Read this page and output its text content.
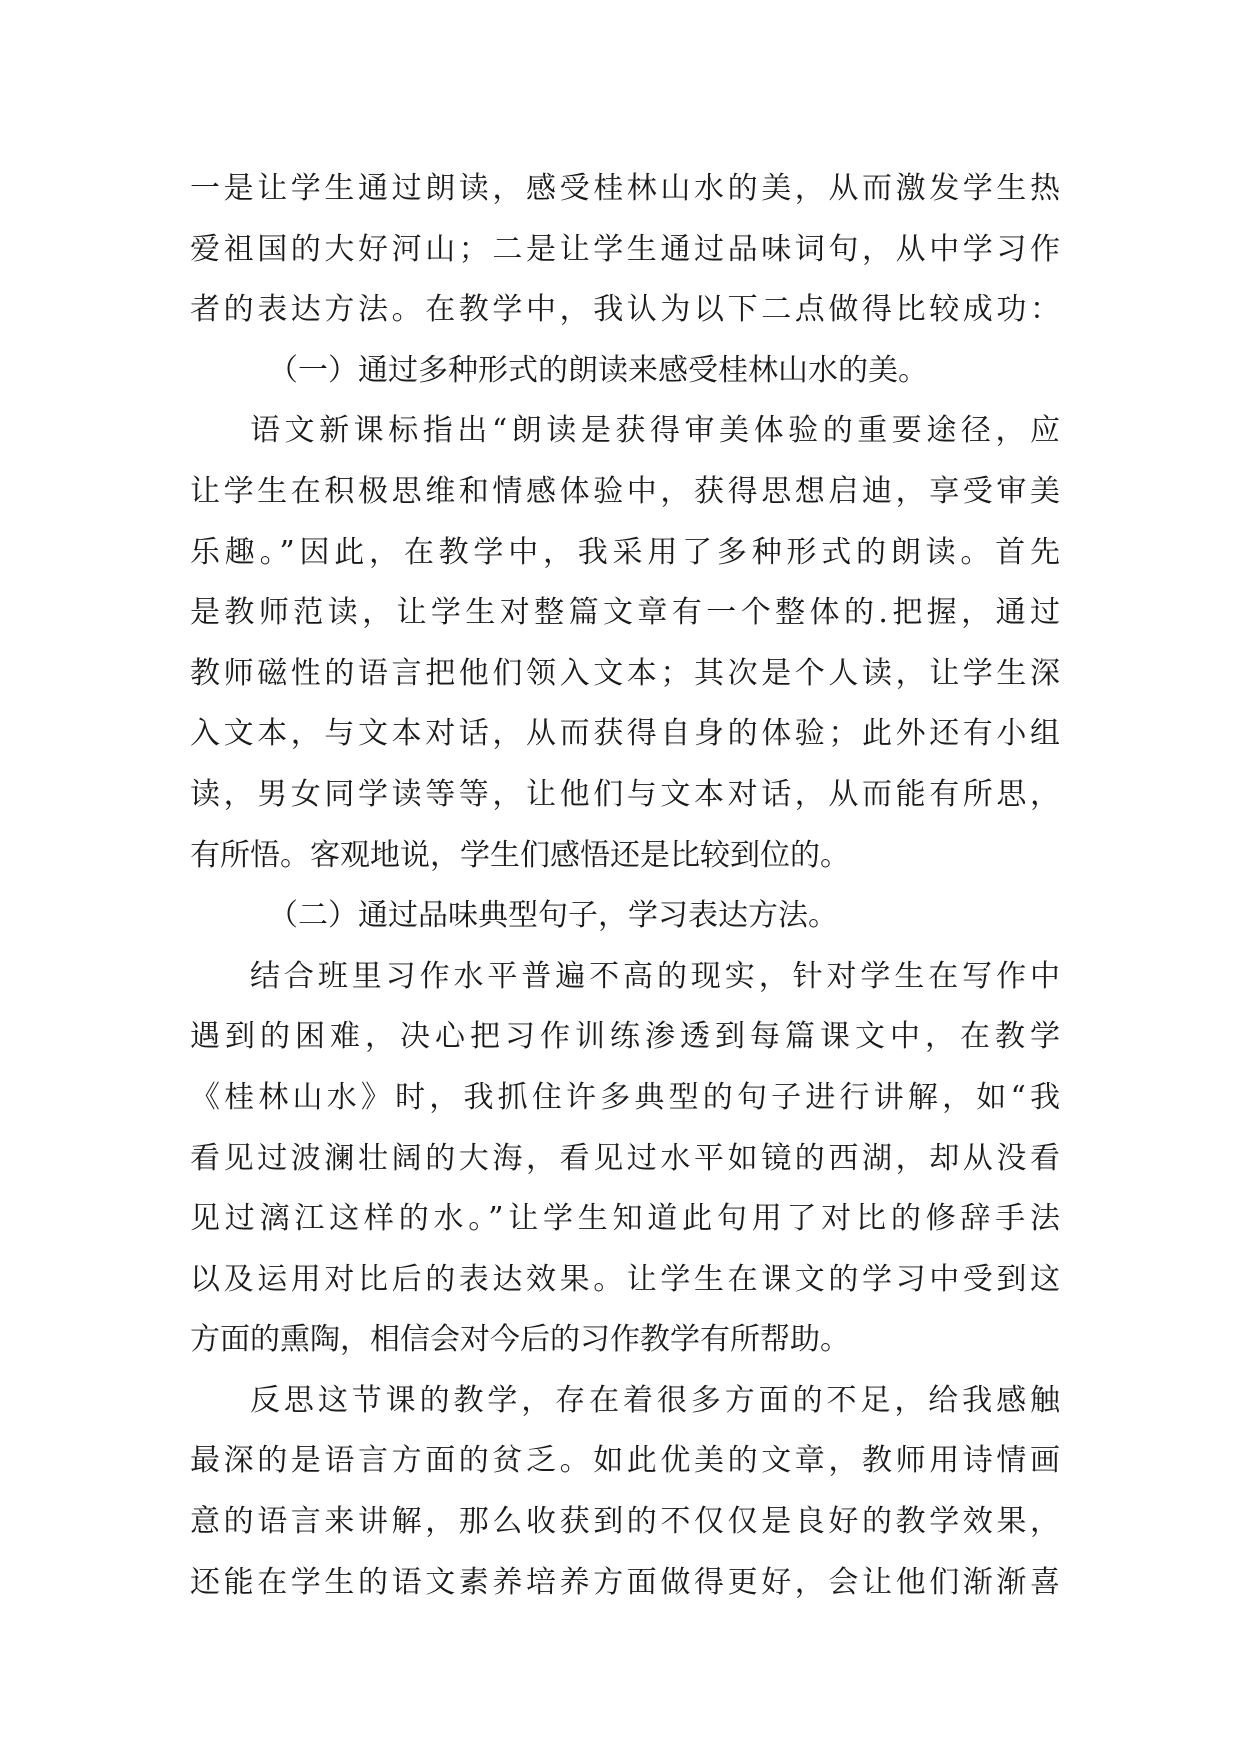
一是让学生通过朗读，感受桂林山水的美，从而激发学生热
爱祖国的大好河山；二是让学生通过品味词句，从中学习作
者的表达方法。在教学中，我认为以下二点做得比较成功：
（一）通过多种形式的朗读来感受桂林山水的美。
语文新课标指出“朗读是获得审美体验的重要途径，应
让学生在积极思维和情感体验中，获得思想启迪，享受审美
乐趣。”因此，在教学中，我采用了多种形式的朗读。首先
是教师范读，让学生对整篇文章有一个整体的.把握，通过
教师磁性的语言把他们领入文本；其次是个人读，让学生深
入文本，与文本对话，从而获得自身的体验；此外还有小组
读，男女同学读等等，让他们与文本对话，从而能有所思，
有所悟。客观地说，学生们感悟还是比较到位的。
（二）通过品味典型句子，学习表达方法。
结合班里习作水平普遍不高的现实，针对学生在写作中
遇到的困难，决心把习作训练渗透到每篇课文中，在教学
《桂林山水》时，我抓住许多典型的句子进行讲解，如“我
看见过波澜壮阔的大海，看见过水平如镜的西湖，却从没看
见过漓江这样的水。”让学生知道此句用了对比的修辞手法
以及运用对比后的表达效果。让学生在课文的学习中受到这
方面的熏陶，相信会对今后的习作教学有所帮助。
反思这节课的教学，存在着很多方面的不足，给我感触
最深的是语言方面的贫乏。如此优美的文章，教师用诗情画
意的语言来讲解，那么收获到的不仅仅是良好的教学效果，
还能在学生的语文素养培养方面做得更好，会让他们渐渐喜
